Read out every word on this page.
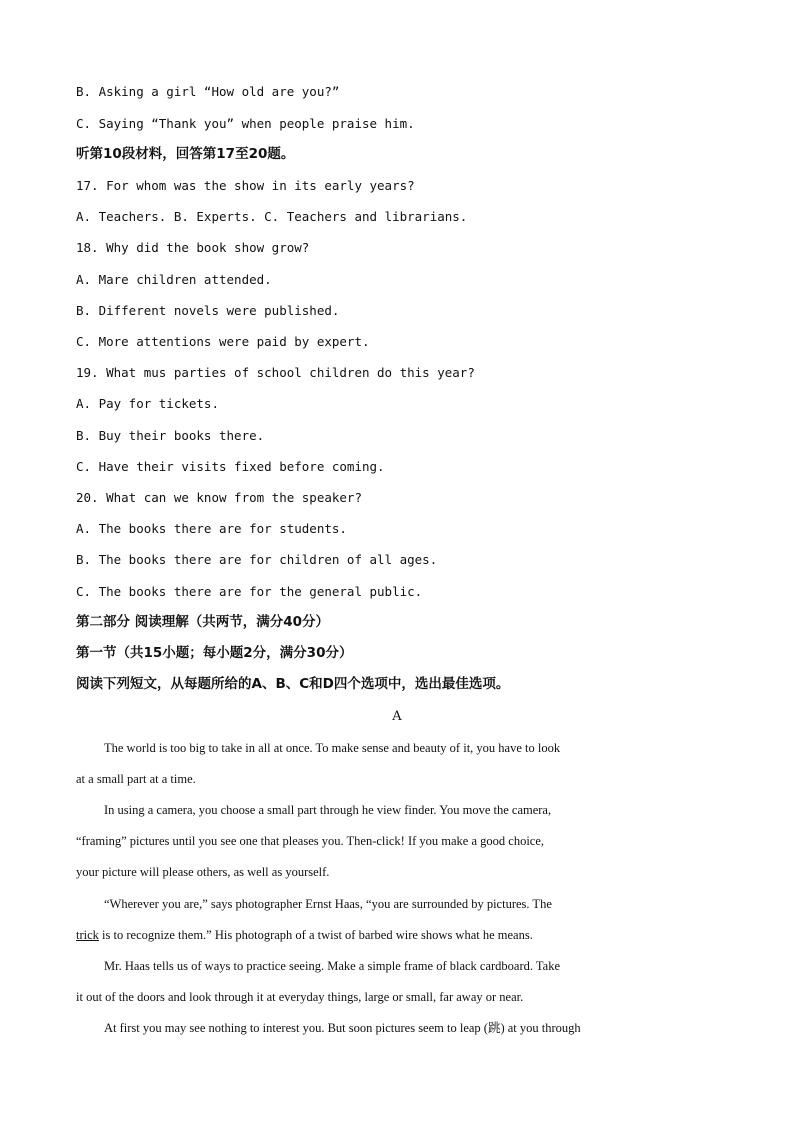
B. Asking a girl “How old are you?”
C. Saying “Thank you” when people praise him.
听第10段材料，回答第17至20题。
17. For whom was the show in its early years?
A. Teachers. B. Experts. C. Teachers and librarians.
18. Why did the book show grow?
A. Mare children attended.
B. Different novels were published.
C. More attentions were paid by expert.
19. What mus parties of school children do this year?
A. Pay for tickets.
B. Buy their books there.
C. Have their visits fixed before coming.
20. What can we know from the speaker?
A. The books there are for students.
B. The books there are for children of all ages.
C. The books there are for the general public.
第二部分 阅读理解（共两节，满分40分）
第一节（共15小题；每小题2分，满分30分）
阅读下列短文，从每题所给的A、B、C和D四个选项中，选出最佳选项。
A
The world is too big to take in all at once. To make sense and beauty of it, you have to look
at a small part at a time.
In using a camera, you choose a small part through he view finder. You move the camera,
“framing” pictures until you see one that pleases you. Then-click! If you make a good choice,
your picture will please others, as well as yourself.
“Wherever you are,” says photographer Ernst Haas, “you are surrounded by pictures. The
trick is to recognize them.” His photograph of a twist of barbed wire shows what he means.
Mr. Haas tells us of ways to practice seeing. Make a simple frame of black cardboard. Take
it out of the doors and look through it at everyday things, large or small, far away or near.
At first you may see nothing to interest you. But soon pictures seem to leap (跳) at you through
